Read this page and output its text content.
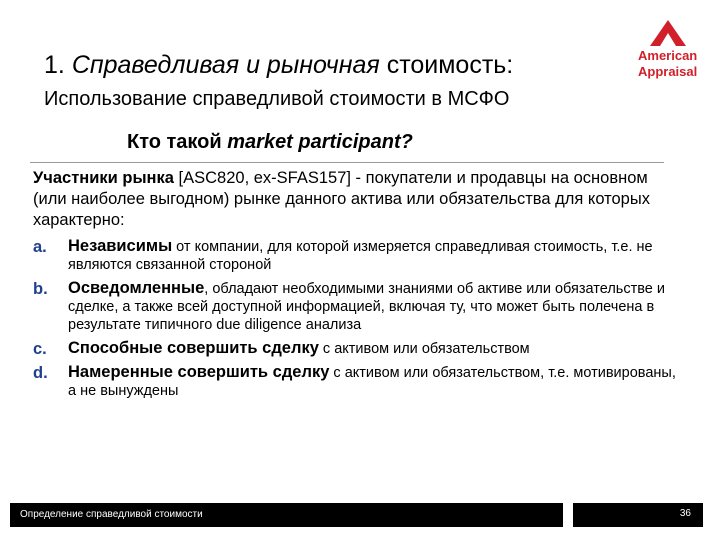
1. Справедливая и рыночная стоимость:
Использование справедливой стоимости в МСФО
American
Appraisal
Кто такой market participant?
Участники рынка [ASC820, ex-SFAS157] - покупатели и продавцы на основном (или наиболее выгодном) рынке данного актива или обязательства для которых характерно:
a. Независимы от компании, для которой измеряется справедливая стоимость, т.е. не являются связанной стороной
b. Осведомленные, обладают необходимыми знаниями об активе или обязательстве и сделке, а также всей доступной информацией, включая ту, что может быть полечена в результате типичного due diligence анализа
c. Способные совершить сделку с активом или обязательством
d. Намеренные совершить сделку с активом или обязательством, т.е. мотивированы, а не вынуждены
Определение справедливой стоимости	36
